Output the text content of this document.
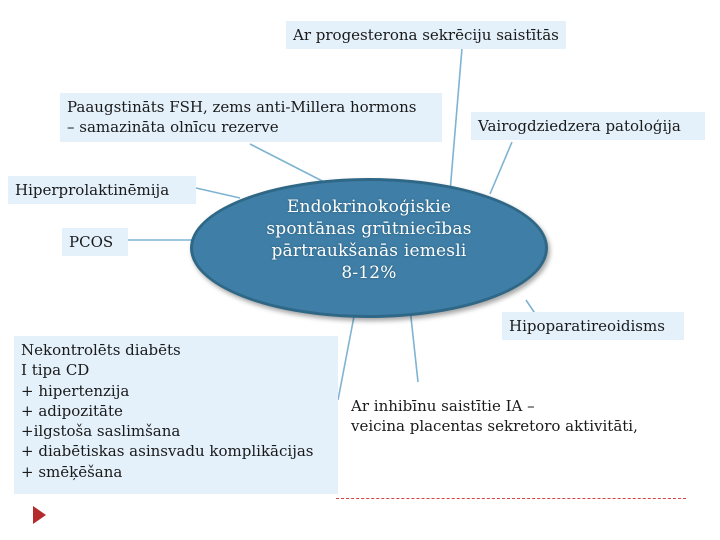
Ar progesterona sekrēciju saistītās
Paaugstināts FSH, zems anti-Millera hormons
– samazināta olnīcu rezerve	Vairogdziedzera patoloģija
Hiperprolaktinēmija
PCOS
Hipoparatireoidisms
Nekontrolēts diabēts
I tipa CD
+ hipertenzija
+ adipozitāte
+ilgstoša saslimšana
+ diabētiskas asinsvadu komplikācijas
+ smēķēšana
Ar inhibīnu saistītie IA –
veicina placentas sekretoro aktivitāti,
Endokrinokoģiskie
spontānas grūtniecības
pārtraukšanās iemesli
8-12%
